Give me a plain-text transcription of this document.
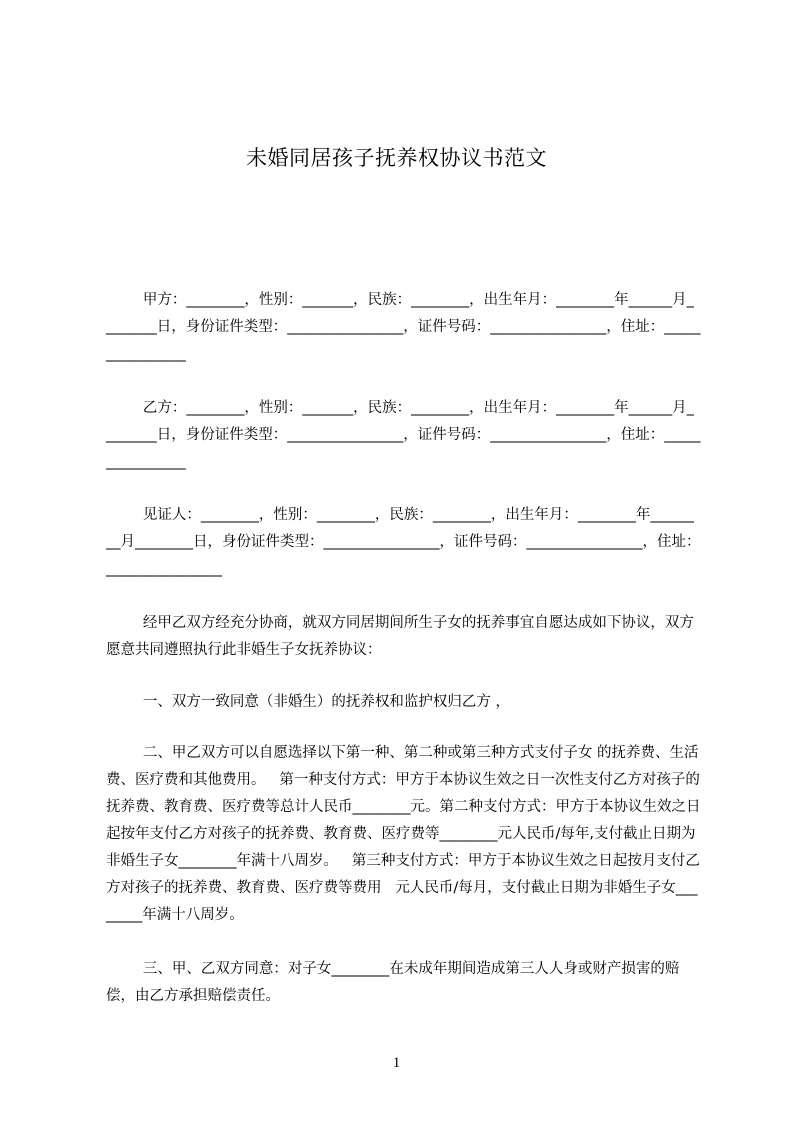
未婚同居孩子抚养权协议书范文

甲方：________，性别：_______，民族：________，出生年月：________年______月________日，身份证件类型：________________，证件号码：________________，住址：________________

乙方：________，性别：_______，民族：________，出生年月：________年______月________日，身份证件类型：________________，证件号码：________________，住址：________________

见证人：________，性别：________，民族：________，出生年月：________年________月________日，身份证件类型：________________，证件号码：________________，住址：________________

经甲乙双方经充分协商，就双方同居期间所生子女的抚养事宜自愿达成如下协议，双方愿意共同遵照执行此非婚生子女抚养协议：

一、双方一致同意（非婚生）的抚养权和监护权归乙方 ，

二、甲乙双方可以自愿选择以下第一种、第二种或第三种方式支付子女 的抚养费、生活费、医疗费和其他费用。   第一种支付方式：甲方于本协议生效之日一次性支付乙方对孩子的抚养费、教育费、医疗费等总计人民币________元。第二种支付方式：甲方于本协议生效之日起按年支付乙方对孩子的抚养费、教育费、医疗费等________元人民币/每年,支付截止日期为非婚生子女________年满十八周岁。   第三种支付方式：甲方于本协议生效之日起按月支付乙方对孩子的抚养费、教育费、医疗费等费用   元人民币/每月，支付截止日期为非婚生子女________年满十八周岁。

三、甲、乙双方同意：对子女________在未成年期间造成第三人人身或财产损害的赔偿，由乙方承担赔偿责任。

1
